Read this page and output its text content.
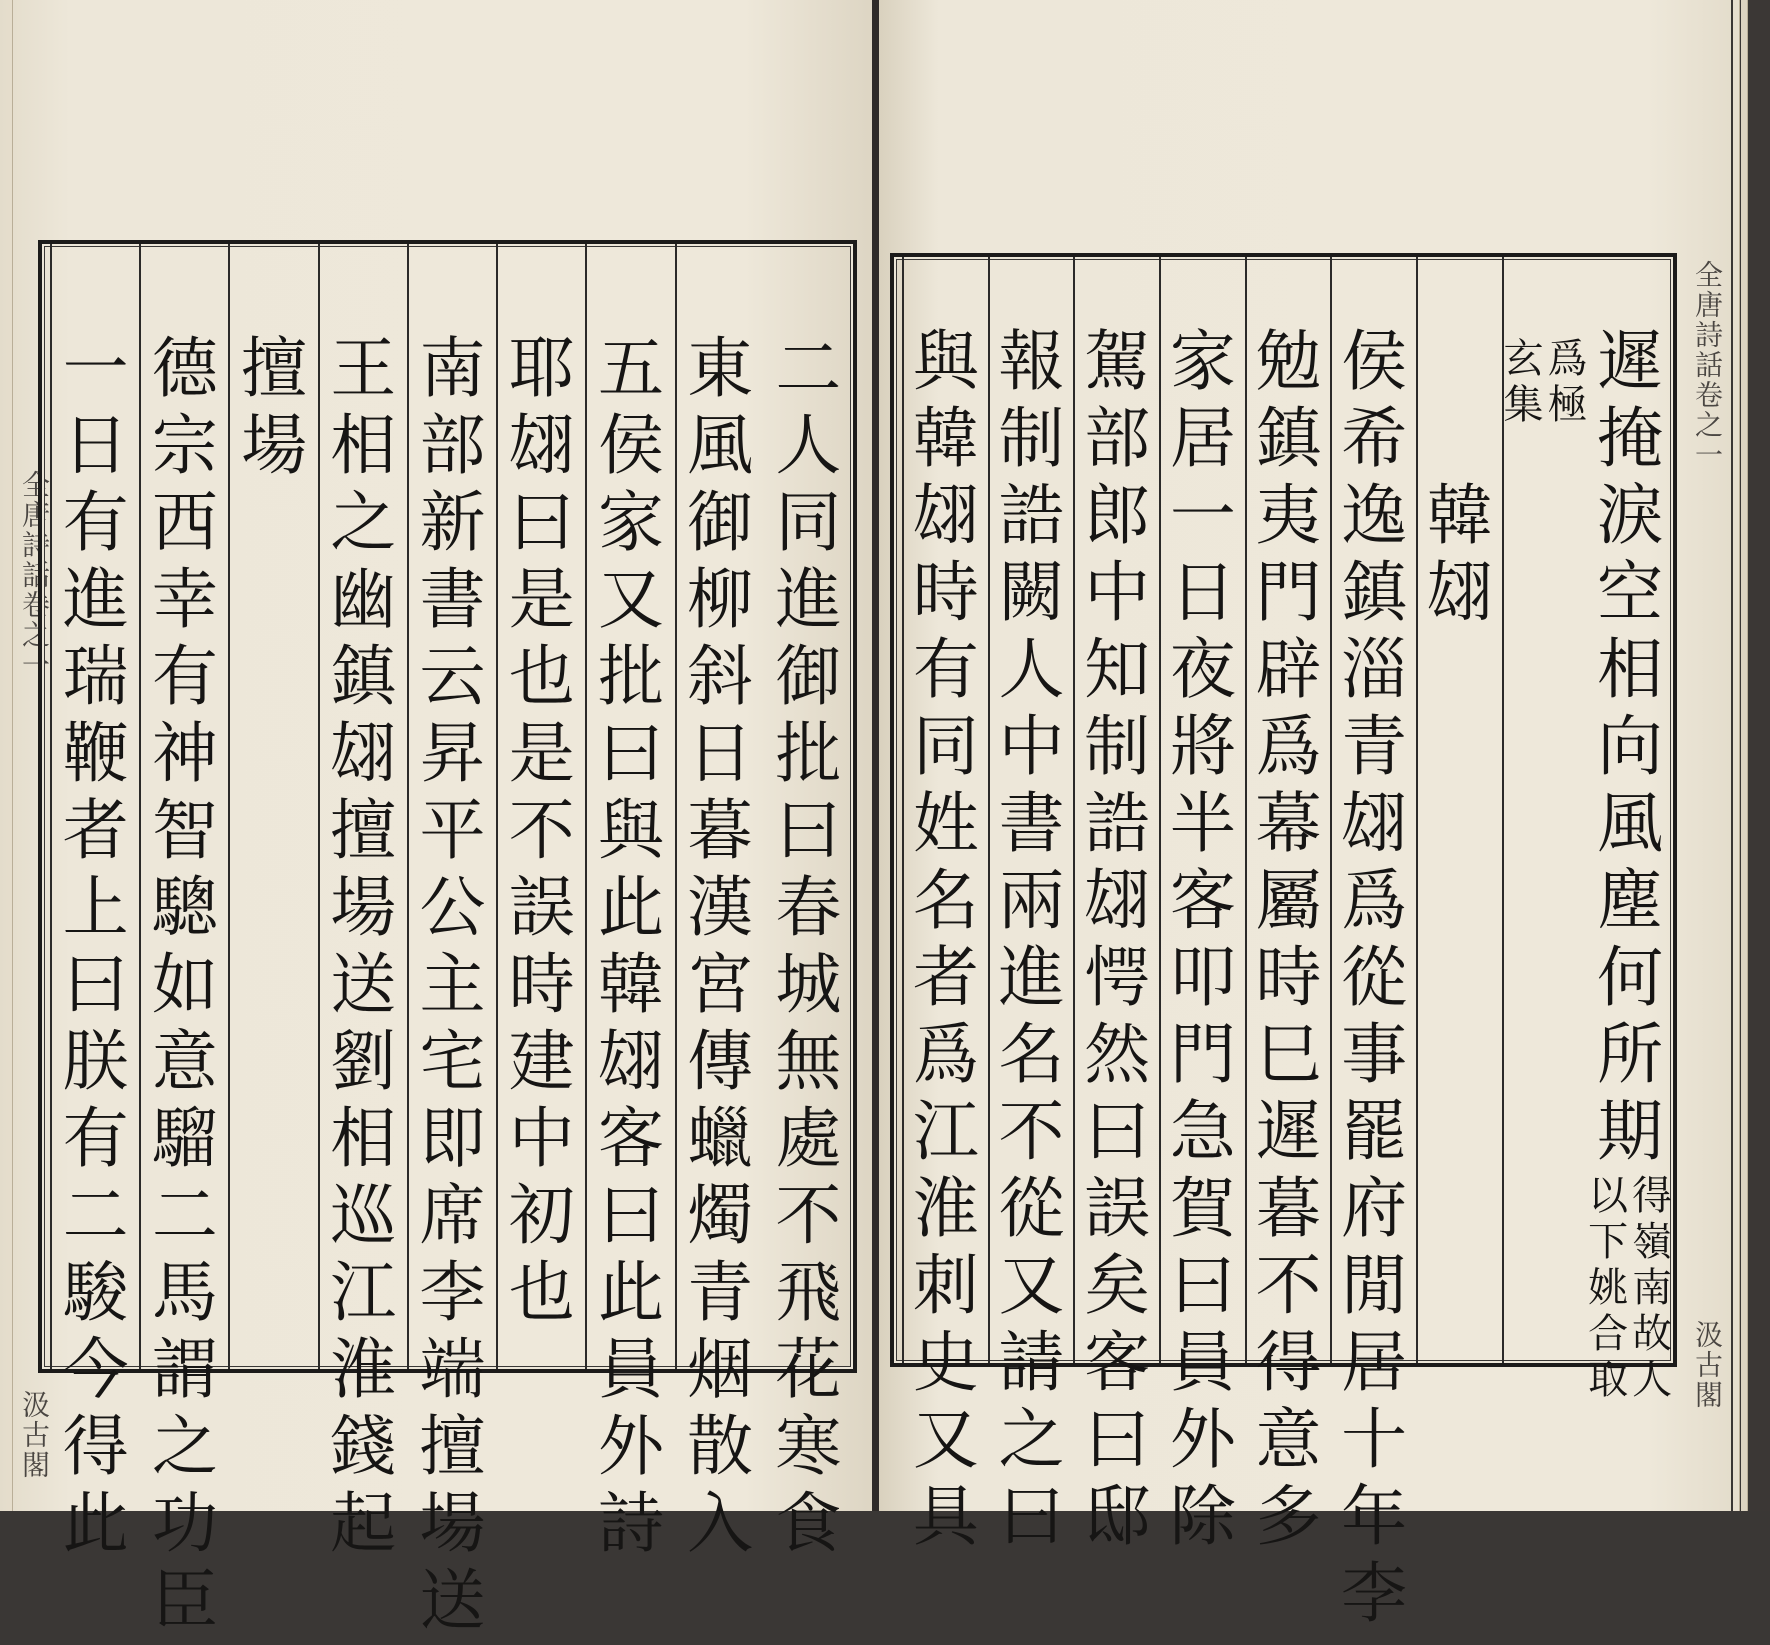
全唐詩話卷之一
汲古閣
二
人
同
進
御
批
曰
春
城
無
處
不
飛
花
寒
食
東
風
御
柳
斜
日
暮
漢
宮
傳
蠟
燭
青
烟
散
入
五
侯
家
又
批
曰
與
此
韓
翃
客
曰
此
員
外
詩
耶
翃
曰
是
也
是
不
誤
時
建
中
初
也
南
部
新
書
云
昇
平
公
主
宅
即
席
李
端
擅
場
送
王
相
之
幽
鎮
翃
擅
場
送
劉
相
巡
江
淮
錢
起
擅
場
德
宗
西
幸
有
神
智
驄
如
意
騮
二
馬
謂
之
功
臣
一
日
有
進
瑞
鞭
者
上
曰
朕
有
二
駿
今
得
此
全唐詩話卷之一
汲古閣
遲
掩
淚
空
相
向
風
塵
何
所
期
得
嶺
南
故
人
以
下
姚
合
取
爲
極
玄
集
韓
翃
侯
希
逸
鎮
淄
青
翃
爲
從
事
罷
府
閒
居
十
年
李
勉
鎮
夷
門
辟
爲
幕
屬
時
巳
遲
暮
不
得
意
多
家
居
一
日
夜
將
半
客
叩
門
急
賀
曰
員
外
除
駕
部
郎
中
知
制
誥
翃
愕
然
曰
誤
矣
客
曰
邸
報
制
誥
闕
人
中
書
兩
進
名
不
從
又
請
之
曰
與
韓
翃
時
有
同
姓
名
者
爲
江
淮
刺
史
又
具
